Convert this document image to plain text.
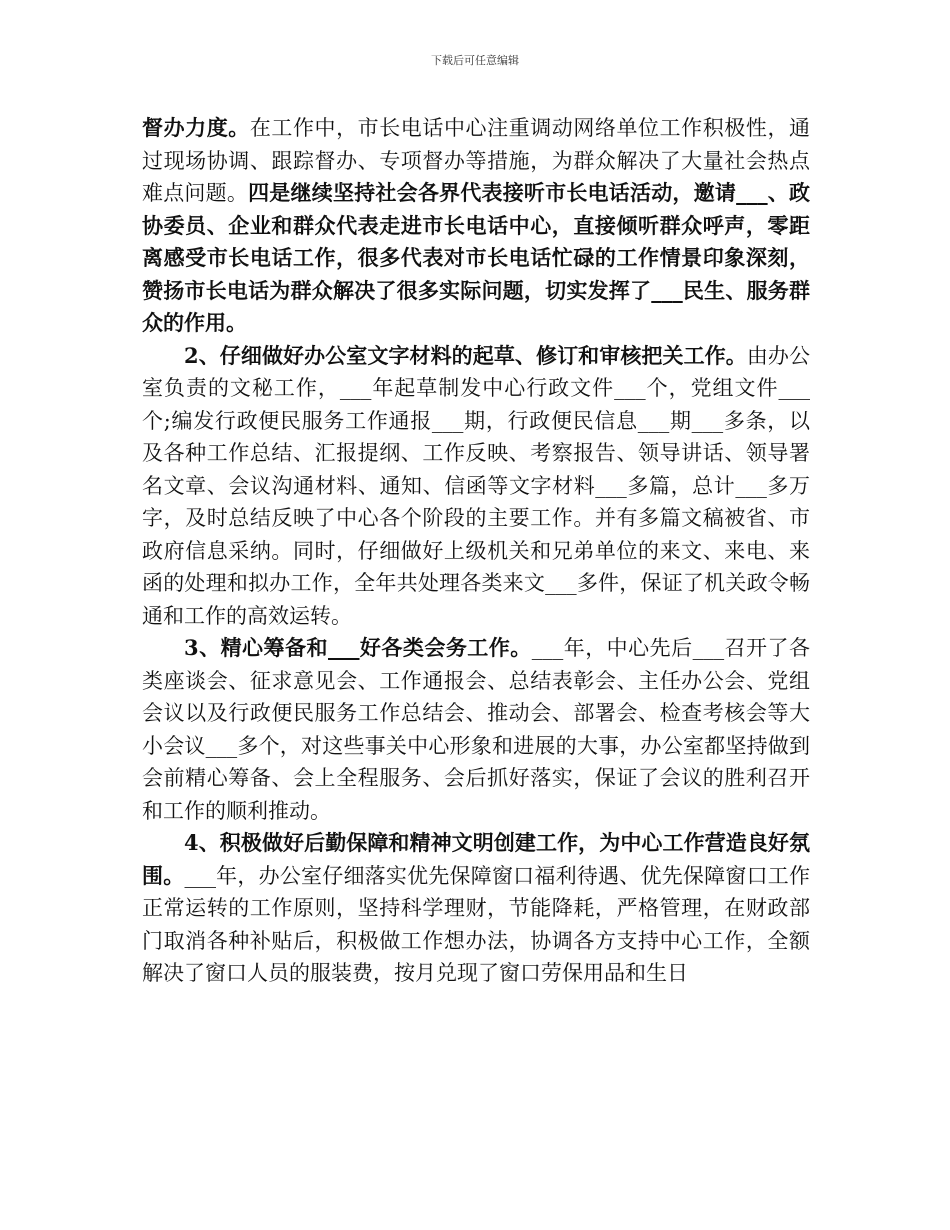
下载后可任意编辑

督办力度。在工作中，市长电话中心注重调动网络单位工作积极性，通过现场协调、跟踪督办、专项督办等措施，为群众解决了大量社会热点难点问题。四是继续坚持社会各界代表接听市长电话活动，邀请___、政协委员、企业和群众代表走进市长电话中心，直接倾听群众呼声，零距离感受市长电话工作，很多代表对市长电话忙碌的工作情景印象深刻，赞扬市长电话为群众解决了很多实际问题，切实发挥了___民生、服务群众的作用。

2、仔细做好办公室文字材料的起草、修订和审核把关工作。由办公室负责的文秘工作，___年起草制发中心行政文件___个，党组文件___个;编发行政便民服务工作通报___期，行政便民信息___期___多条，以及各种工作总结、汇报提纲、工作反映、考察报告、领导讲话、领导署名文章、会议沟通材料、通知、信函等文字材料___多篇，总计___多万字，及时总结反映了中心各个阶段的主要工作。并有多篇文稿被省、市政府信息采纳。同时，仔细做好上级机关和兄弟单位的来文、来电、来函的处理和拟办工作，全年共处理各类来文___多件，保证了机关政令畅通和工作的高效运转。

3、精心筹备和___好各类会务工作。___年，中心先后___召开了各类座谈会、征求意见会、工作通报会、总结表彰会、主任办公会、党组会议以及行政便民服务工作总结会、推动会、部署会、检查考核会等大小会议___多个，对这些事关中心形象和进展的大事，办公室都坚持做到会前精心筹备、会上全程服务、会后抓好落实，保证了会议的胜利召开和工作的顺利推动。

4、积极做好后勤保障和精神文明创建工作，为中心工作营造良好氛围。___年，办公室仔细落实优先保障窗口福利待遇、优先保障窗口工作正常运转的工作原则，坚持科学理财，节能降耗，严格管理，在财政部门取消各种补贴后，积极做工作想办法，协调各方支持中心工作，全额解决了窗口人员的服装费，按月兑现了窗口劳保用品和生日
